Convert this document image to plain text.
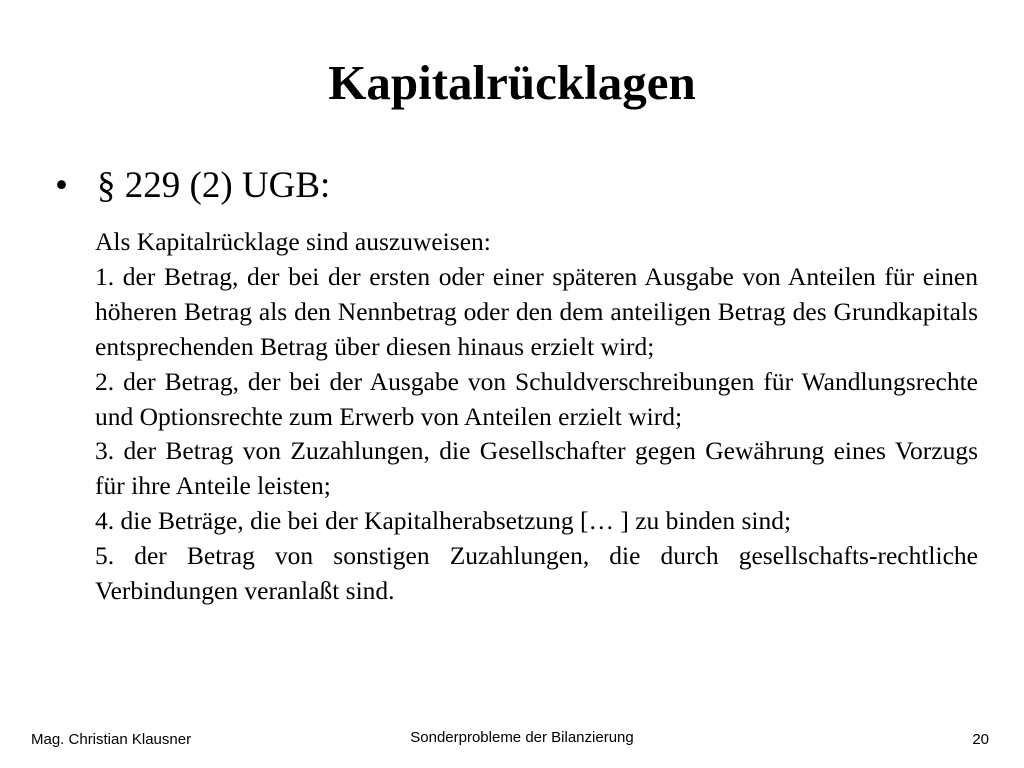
Kapitalrücklagen
• § 229 (2) UGB:

Als Kapitalrücklage sind auszuweisen:

1. der Betrag, der bei der ersten oder einer späteren Ausgabe von Anteilen für einen höheren Betrag als den Nennbetrag oder den dem anteiligen Betrag des Grundkapitals entsprechenden Betrag über diesen hinaus erzielt wird;

2. der Betrag, der bei der Ausgabe von Schuldverschreibungen für Wandlungsrechte und Optionsrechte zum Erwerb von Anteilen erzielt wird;

3. der Betrag von Zuzahlungen, die Gesellschafter gegen Gewährung eines Vorzugs für ihre Anteile leisten;

4. die Beträge, die bei der Kapitalherabsetzung [… ] zu binden sind;

5. der Betrag von sonstigen Zuzahlungen, die durch gesellschafts-rechtliche Verbindungen veranlaßt sind.

Mag. Christian Klausner	Sonderprobleme der Bilanzierung	20
